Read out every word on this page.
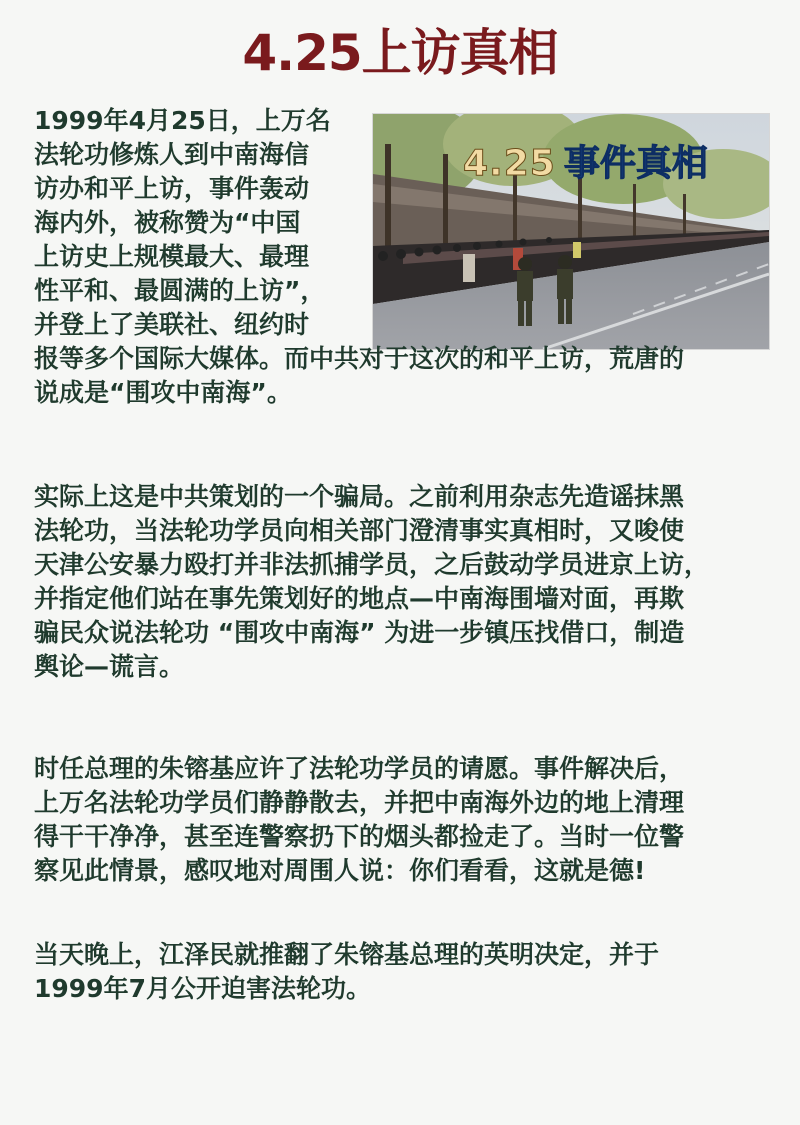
4.25上访真相
4.25 事件真相

1999年4月25日，上万名
法轮功修炼人到中南海信
访办和平上访，事件轰动
海内外，被称赞为“中国
上访史上规模最大、最理
性平和、最圆满的上访”，
并登上了美联社、纽约时
报等多个国际大媒体。而中共对于这次的和平上访，荒唐的
说成是“围攻中南海”。

实际上这是中共策划的一个骗局。之前利用杂志先造谣抹黑
法轮功，当法轮功学员向相关部门澄清事实真相时，又唆使
天津公安暴力殴打并非法抓捕学员，之后鼓动学员进京上访，
并指定他们站在事先策划好的地点—中南海围墙对面，再欺
骗民众说法轮功 “围攻中南海” 为进一步镇压找借口，制造
舆论—谎言。

时任总理的朱镕基应许了法轮功学员的请愿。事件解决后，
上万名法轮功学员们静静散去，并把中南海外边的地上清理
得干干净净，甚至连警察扔下的烟头都捡走了。当时一位警
察见此情景，感叹地对周围人说：你们看看，这就是德!

当天晚上，江泽民就推翻了朱镕基总理的英明决定，并于
1999年7月公开迫害法轮功。
